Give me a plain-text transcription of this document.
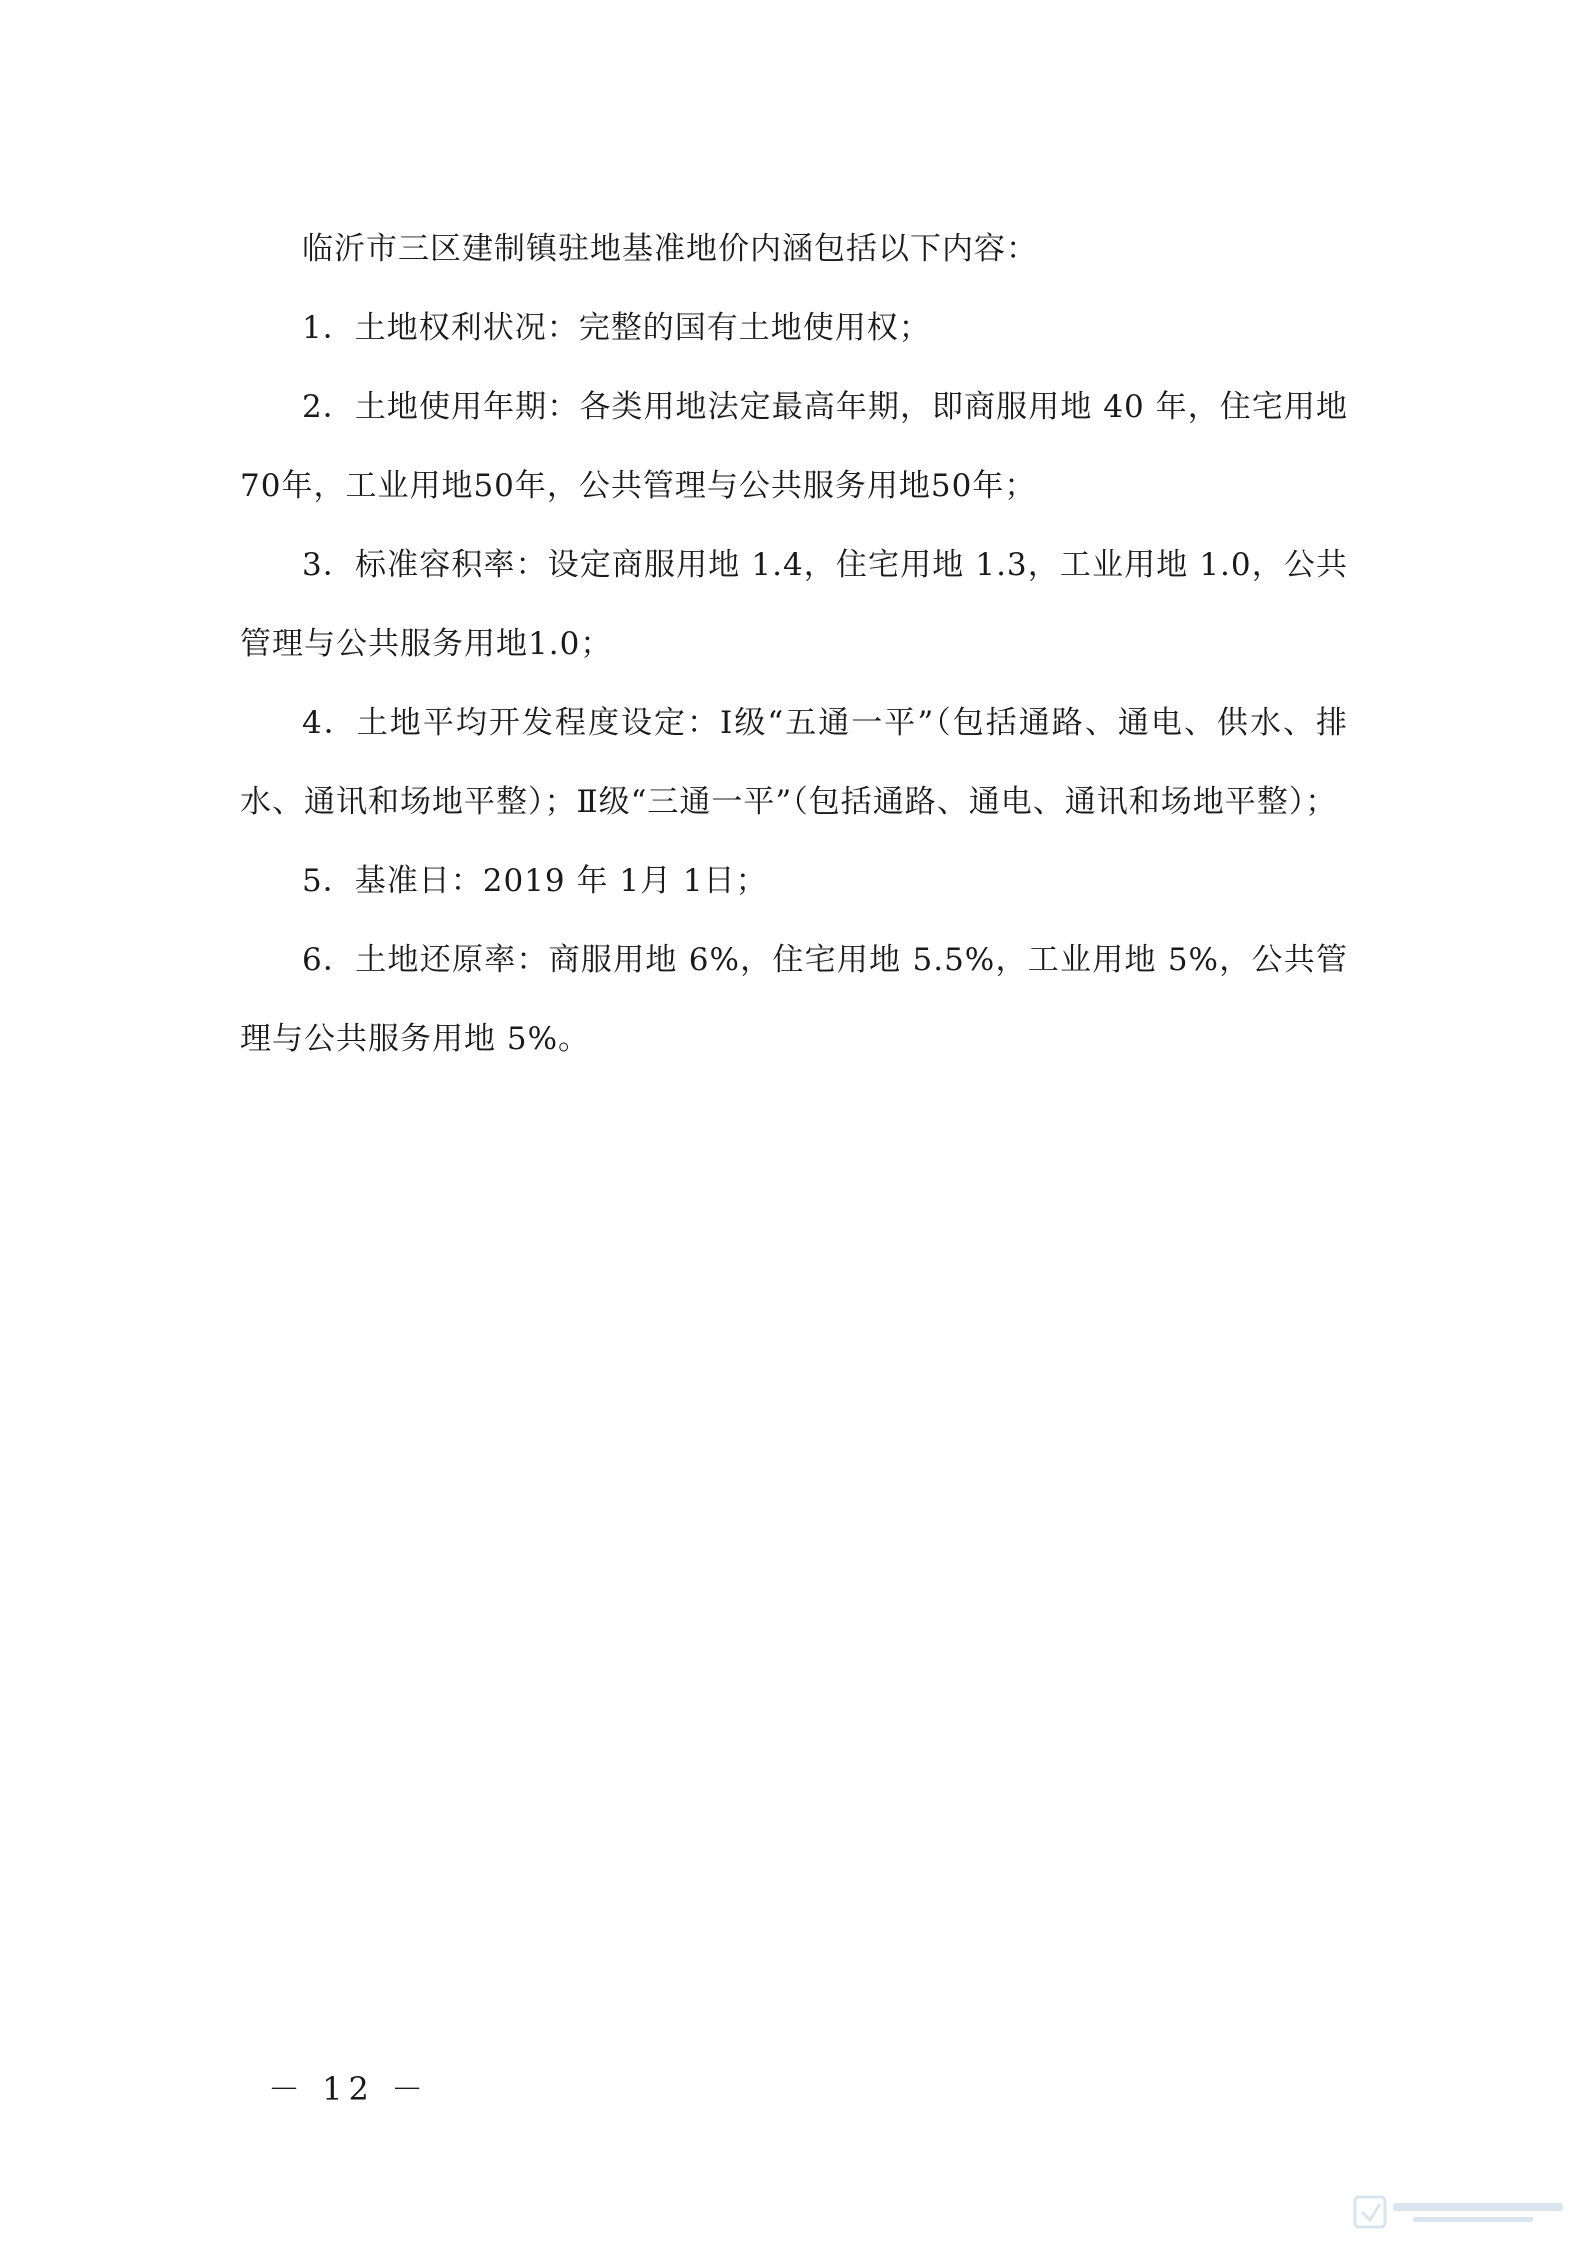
临沂市三区建制镇驻地基准地价内涵包括以下内容：

1．土地权利状况：完整的国有土地使用权；

2．土地使用年期：各类用地法定最高年期，即商服用地 40 年，住宅用地70年，工业用地50年，公共管理与公共服务用地50年；

3．标准容积率：设定商服用地 1.4，住宅用地 1.3，工业用地 1.0，公共管理与公共服务用地1.0；

4．土地平均开发程度设定：Ⅰ级“五通一平”（包括通路、通电、供水、排水、通讯和场地平整）；Ⅱ级“三通一平”（包括通路、通电、通讯和场地平整）；

5．基准日：2019 年 1月 1日；

6．土地还原率：商服用地 6%，住宅用地 5.5%，工业用地 5%，公共管理与公共服务用地 5%。

－ 12 －
